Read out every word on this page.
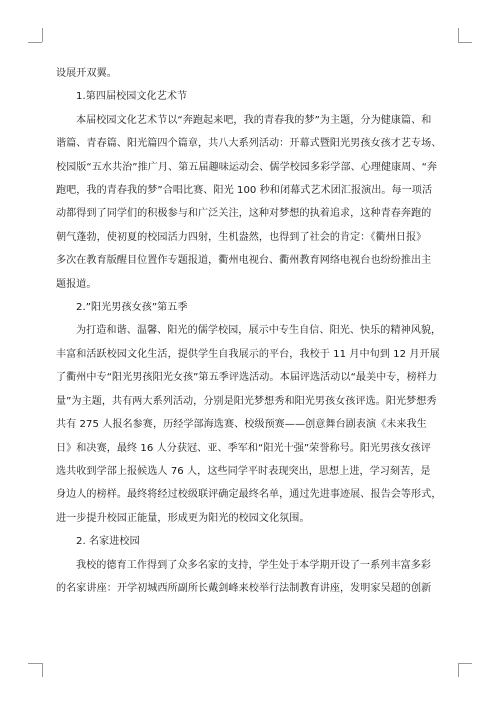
设展开双翼。

1.第四届校园文化艺术节

本届校园文化艺术节以“奔跑起来吧，我的青春我的梦”为主题，分为健康篇、和

谐篇、青春篇、阳光篇四个篇章，共八大系列活动：开幕式暨阳光男孩女孩才艺专场、

校园版“五水共治”推广月、第五届趣味运动会、儒学校园多彩学部、心理健康周、“奔

跑吧，我的青春我的梦”合唱比赛、阳光 100 秒和闭幕式艺术团汇报演出。每一项活

动都得到了同学们的积极参与和广泛关注，这种对梦想的执着追求，这种青春奔跑的

朝气蓬勃，使初夏的校园活力四射，生机盎然，也得到了社会的肯定：《衢州日报》

多次在教育版醒目位置作专题报道，衢州电视台、衢州教育网络电视台也纷纷推出主

题报道。

2.”阳光男孩女孩”第五季

为打造和谐、温馨、阳光的儒学校园，展示中专生自信、阳光、快乐的精神风貌，

丰富和活跃校园文化生活，提供学生自我展示的平台，我校于 11 月中旬到 12 月开展

了衢州中专“阳光男孩阳光女孩”第五季评选活动。本届评选活动以“最美中专，榜样力

量”为主题，共有两大系列活动，分别是阳光梦想秀和阳光男孩女孩评选。阳光梦想秀

共有 275 人报名参赛，历经学部海选赛、校级预赛——创意舞台剧表演《未来我生

日》和决赛，最终 16 人分获冠、亚、季军和“阳光十强”荣誉称号。阳光男孩女孩评

选共收到学部上报候选人 76 人，这些同学平时表现突出，思想上进，学习刻苦，是

身边人的榜样。最终将经过校级联评确定最终名单，通过先进事迹展、报告会等形式，

进一步提升校园正能量，形成更为阳光的校园文化氛围。

2. 名家进校园

我校的德育工作得到了众多名家的支持，学生处于本学期开设了一系列丰富多彩

的名家讲座：开学初城西所副所长戴剑峰来校举行法制教育讲座，发明家吴超的创新
